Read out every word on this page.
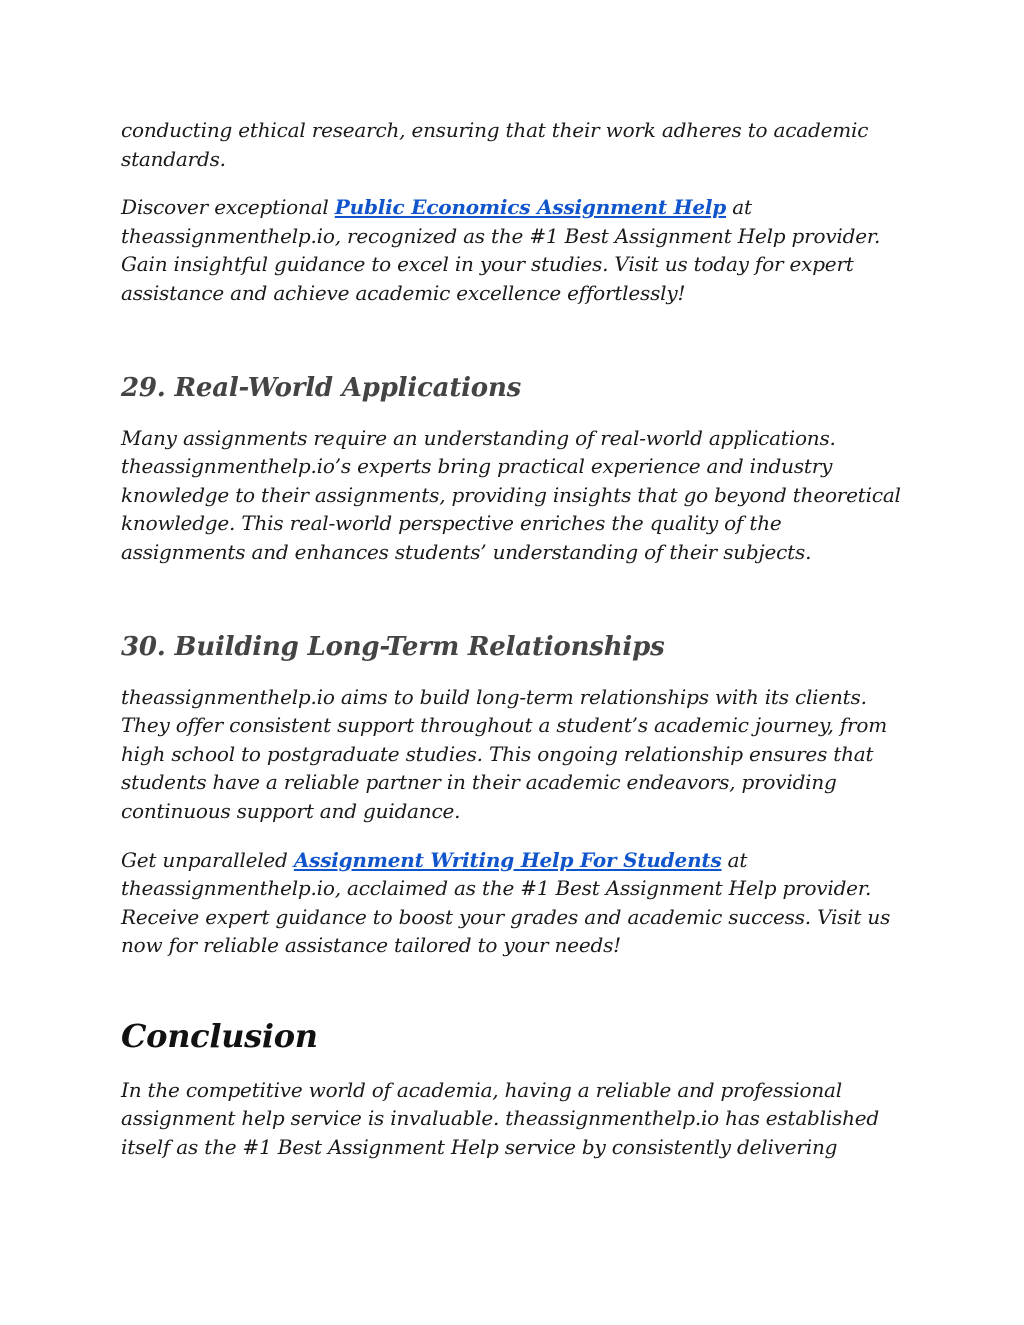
conducting ethical research, ensuring that their work adheres to academic standards.

Discover exceptional Public Economics Assignment Help at theassignmenthelp.io, recognized as the #1 Best Assignment Help provider. Gain insightful guidance to excel in your studies. Visit us today for expert assistance and achieve academic excellence effortlessly!

29. Real-World Applications

Many assignments require an understanding of real-world applications. theassignmenthelp.io’s experts bring practical experience and industry knowledge to their assignments, providing insights that go beyond theoretical knowledge. This real-world perspective enriches the quality of the assignments and enhances students’ understanding of their subjects.

30. Building Long-Term Relationships

theassignmenthelp.io aims to build long-term relationships with its clients. They offer consistent support throughout a student’s academic journey, from high school to postgraduate studies. This ongoing relationship ensures that students have a reliable partner in their academic endeavors, providing continuous support and guidance.

Get unparalleled Assignment Writing Help For Students at theassignmenthelp.io, acclaimed as the #1 Best Assignment Help provider. Receive expert guidance to boost your grades and academic success. Visit us now for reliable assistance tailored to your needs!

Conclusion

In the competitive world of academia, having a reliable and professional assignment help service is invaluable. theassignmenthelp.io has established itself as the #1 Best Assignment Help service by consistently delivering
